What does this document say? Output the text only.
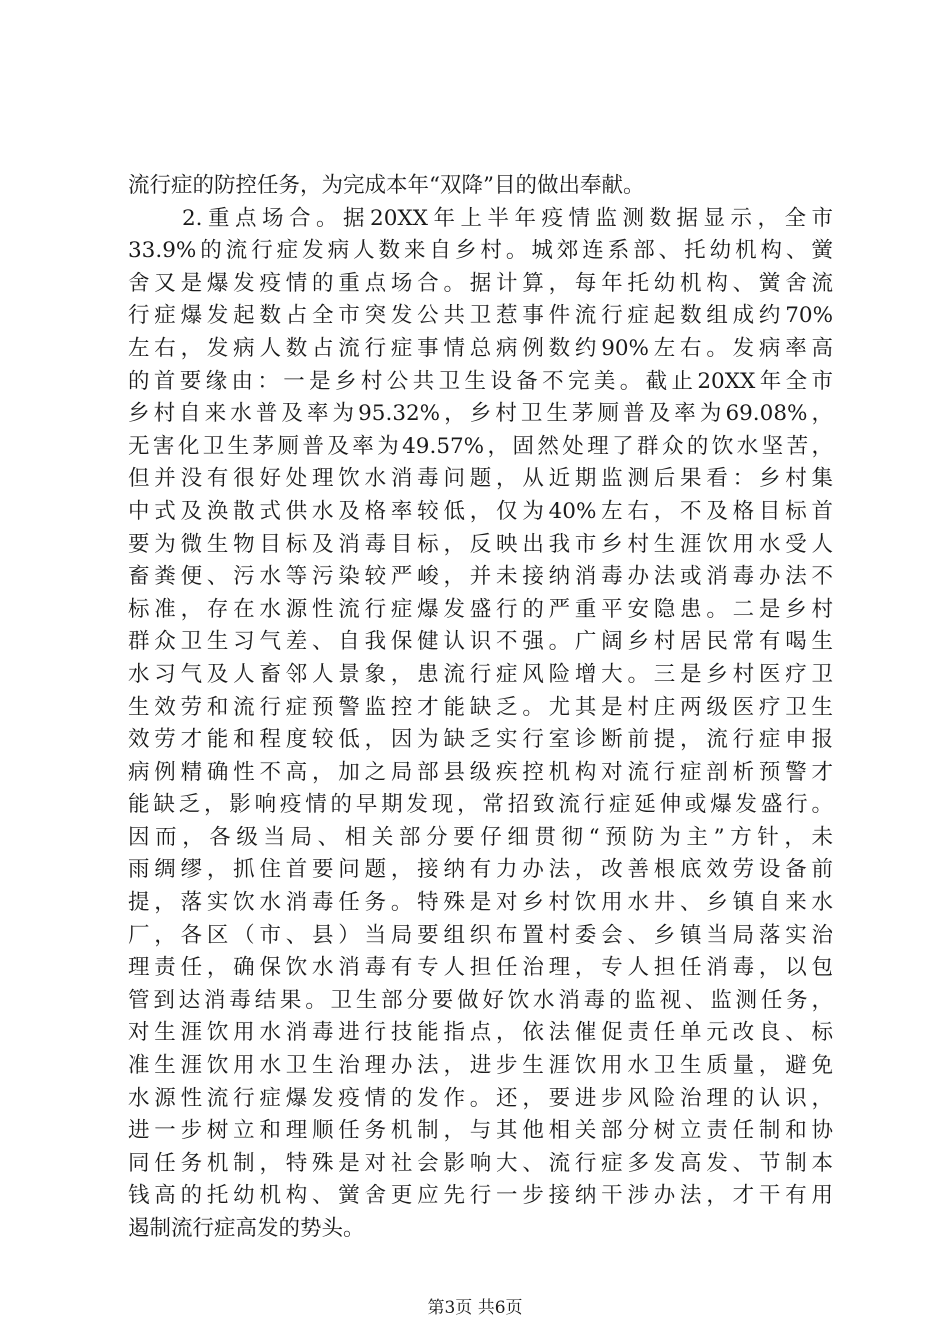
流行症的防控任务，为完成本年“双降”目的做出奉献。
　　2.重点场合。据20XX年上半年疫情监测数据显示，全市
33.9%的流行症发病人数来自乡村。城郊连系部、托幼机构、黉
舍又是爆发疫情的重点场合。据计算，每年托幼机构、黉舍流
行症爆发起数占全市突发公共卫惹事件流行症起数组成约70%
左右，发病人数占流行症事情总病例数约90%左右。发病率高
的首要缘由：一是乡村公共卫生设备不完美。截止20XX年全市
乡村自来水普及率为95.32%，乡村卫生茅厕普及率为69.08%，
无害化卫生茅厕普及率为49.57%，固然处理了群众的饮水坚苦，
但并没有很好处理饮水消毒问题，从近期监测后果看：乡村集
中式及涣散式供水及格率较低，仅为40%左右，不及格目标首
要为微生物目标及消毒目标，反映出我市乡村生涯饮用水受人
畜粪便、污水等污染较严峻，并未接纳消毒办法或消毒办法不
标准，存在水源性流行症爆发盛行的严重平安隐患。二是乡村
群众卫生习气差、自我保健认识不强。广阔乡村居民常有喝生
水习气及人畜邻人景象，患流行症风险增大。三是乡村医疗卫
生效劳和流行症预警监控才能缺乏。尤其是村庄两级医疗卫生
效劳才能和程度较低，因为缺乏实行室诊断前提，流行症申报
病例精确性不高，加之局部县级疾控机构对流行症剖析预警才
能缺乏，影响疫情的早期发现，常招致流行症延伸或爆发盛行。
因而，各级当局、相关部分要仔细贯彻“预防为主”方针，未
雨绸缪，抓住首要问题，接纳有力办法，改善根底效劳设备前
提，落实饮水消毒任务。特殊是对乡村饮用水井、乡镇自来水
厂，各区（市、县）当局要组织布置村委会、乡镇当局落实治
理责任，确保饮水消毒有专人担任治理，专人担任消毒，以包
管到达消毒结果。卫生部分要做好饮水消毒的监视、监测任务，
对生涯饮用水消毒进行技能指点，依法催促责任单元改良、标
准生涯饮用水卫生治理办法，进步生涯饮用水卫生质量，避免
水源性流行症爆发疫情的发作。还，要进步风险治理的认识，
进一步树立和理顺任务机制，与其他相关部分树立责任制和协
同任务机制，特殊是对社会影响大、流行症多发高发、节制本
钱高的托幼机构、黉舍更应先行一步接纳干涉办法，才干有用
遏制流行症高发的势头。
第3页 共6页
